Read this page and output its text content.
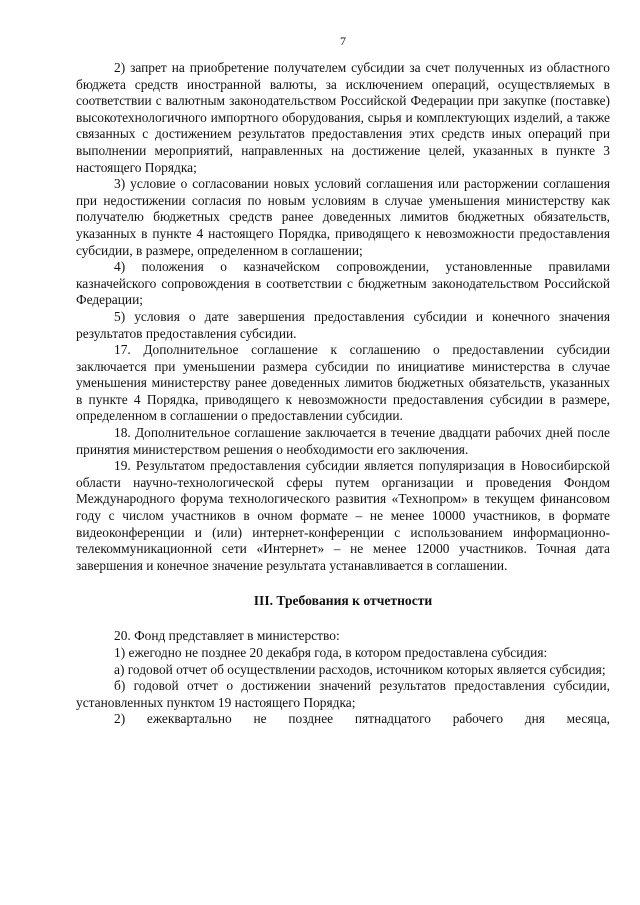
7

2) запрет на приобретение получателем субсидии за счет полученных из областного бюджета средств иностранной валюты, за исключением операций, осуществляемых в соответствии с валютным законодательством Российской Федерации при закупке (поставке) высокотехнологичного импортного оборудования, сырья и комплектующих изделий, а также связанных с достижением результатов предоставления этих средств иных операций при выполнении мероприятий, направленных на достижение целей, указанных в пункте 3 настоящего Порядка;

3) условие о согласовании новых условий соглашения или расторжении соглашения при недостижении согласия по новым условиям в случае уменьшения министерству как получателю бюджетных средств ранее доведенных лимитов бюджетных обязательств, указанных в пункте 4 настоящего Порядка, приводящего к невозможности предоставления субсидии, в размере, определенном в соглашении;

4) положения о казначейском сопровождении, установленные правилами казначейского сопровождения в соответствии с бюджетным законодательством Российской Федерации;

5) условия о дате завершения предоставления субсидии и конечного значения результатов предоставления субсидии.

17. Дополнительное соглашение к соглашению о предоставлении субсидии заключается при уменьшении размера субсидии по инициативе министерства в случае уменьшения министерству ранее доведенных лимитов бюджетных обязательств, указанных в пункте 4 Порядка, приводящего к невозможности предоставления субсидии в размере, определенном в соглашении о предоставлении субсидии.

18. Дополнительное соглашение заключается в течение двадцати рабочих дней после принятия министерством решения о необходимости его заключения.

19. Результатом предоставления субсидии является популяризация в Новосибирской области научно-технологической сферы путем организации и проведения Фондом Международного форума технологического развития «Технопром» в текущем финансовом году с числом участников в очном формате – не менее 10000 участников, в формате видеоконференции и (или) интернет-конференции с использованием информационно-телекоммуникационной сети «Интернет» – не менее 12000 участников. Точная дата завершения и конечное значение результата устанавливается в соглашении.

III. Требования к отчетности

20. Фонд представляет в министерство:

1) ежегодно не позднее 20 декабря года, в котором предоставлена субсидия:

а) годовой отчет об осуществлении расходов, источником которых является субсидия;

б) годовой отчет о достижении значений результатов предоставления субсидии, установленных пунктом 19 настоящего Порядка;

2) ежеквартально не позднее пятнадцатого рабочего дня месяца,
